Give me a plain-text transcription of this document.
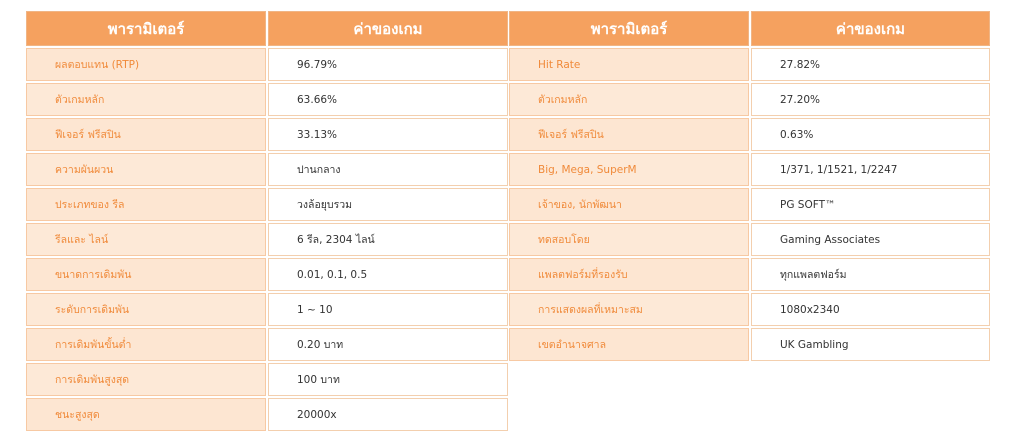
พารามิเตอร์	ค่าของเกม
ผลตอบแทน (RTP)	96.79%
ตัวเกมหลัก	63.66%
ฟีเจอร์ ฟรีสปิน	33.13%
ความผันผวน	ปานกลาง
ประเภทของ รีล	วงล้อยุบรวม
รีลและ ไลน์	6 รีล, 2304 ไลน์
ขนาดการเดิมพัน	0.01, 0.1, 0.5
ระดับการเดิมพัน	1 ~ 10
การเดิมพันขั้นต่ำ	0.20 บาท
การเดิมพันสูงสุด	100 บาท
ชนะสูงสุด	20000x
พารามิเตอร์	ค่าของเกม
Hit Rate	27.82%
ตัวเกมหลัก	27.20%
ฟีเจอร์ ฟรีสปิน	0.63%
Big, Mega, SuperM	1/371, 1/1521, 1/2247
เจ้าของ, นักพัฒนา	PG SOFT™
ทดสอบโดย	Gaming Associates
แพลตฟอร์มที่รองรับ	ทุกแพลตฟอร์ม
การแสดงผลที่เหมาะสม	1080x2340
เขตอำนาจศาล	UK Gambling
